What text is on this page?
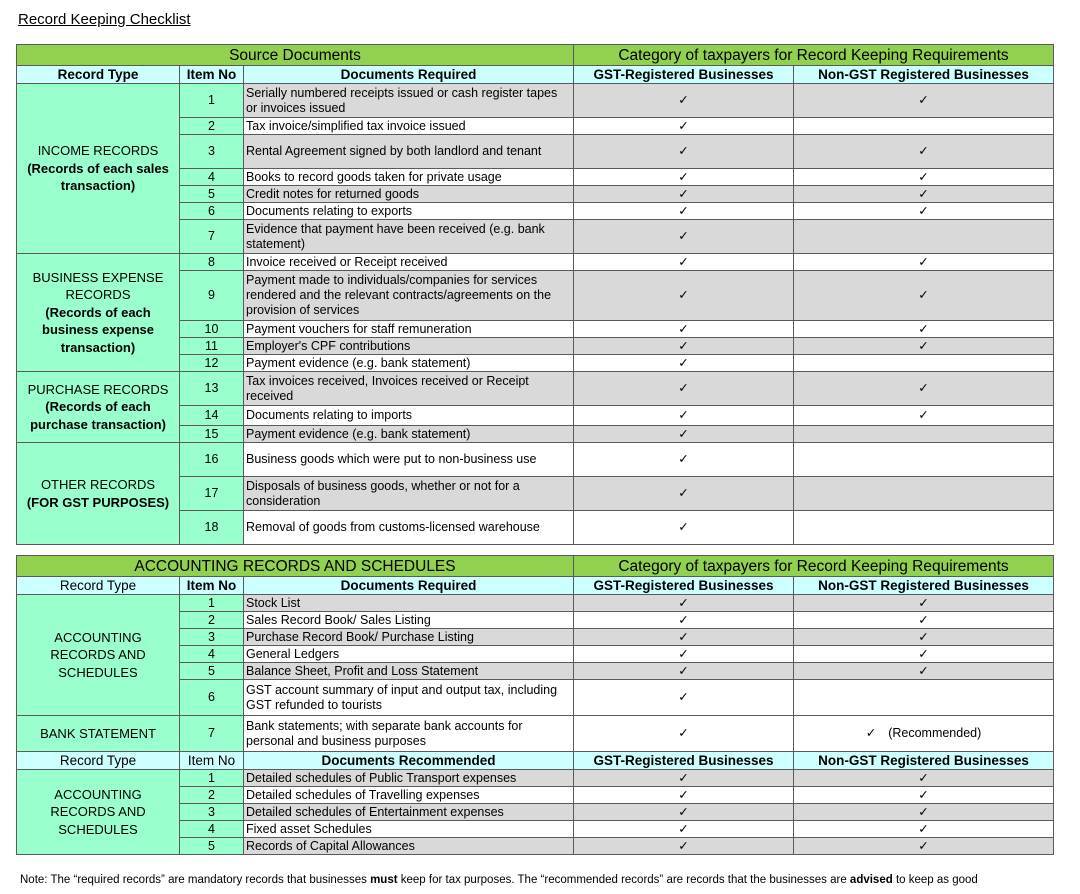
Record Keeping Checklist
Source Documents			Category of taxpayers for Record Keeping Requirements	
Record Type	Item No	Documents Required	GST-Registered Businesses	Non-GST Registered Businesses

INCOME RECORDS
(Records of each sales transaction)	1	Serially numbered receipts issued or cash register tapes or invoices issued	✓	✓
	2	Tax invoice/simplified tax invoice issued	✓	
	3	Rental Agreement signed by both landlord and tenant	✓	✓
	4	Books to record goods taken for private usage	✓	✓
	5	Credit notes for returned goods	✓	✓
	6	Documents relating to exports	✓	✓
	7	Evidence that payment have been received (e.g. bank statement)	✓	

BUSINESS EXPENSE RECORDS
(Records of each business expense transaction)	8	Invoice received or Receipt received	✓	✓
	9	Payment made to individuals/companies for services rendered and the relevant contracts/agreements on the provision of services	✓	✓
	10	Payment vouchers for staff remuneration	✓	✓
	11	Employer's CPF contributions	✓	✓
	12	Payment evidence (e.g. bank statement)	✓	

PURCHASE RECORDS
(Records of each purchase transaction)	13	Tax invoices received, Invoices received or Receipt received	✓	✓
	14	Documents relating to imports	✓	✓
	15	Payment evidence (e.g. bank statement)	✓	

OTHER RECORDS
(FOR GST PURPOSES)	16	Business goods which were put to non-business use	✓	
	17	Disposals of business goods, whether or not for a consideration	✓	
	18	Removal of goods from customs-licensed warehouse	✓	
ACCOUNTING RECORDS AND SCHEDULES			Category of taxpayers for Record Keeping Requirements	
Record Type	Item No	Documents Required	GST-Registered Businesses	Non-GST Registered Businesses

ACCOUNTING RECORDS AND SCHEDULES	1	Stock List	✓	✓
	2	Sales Record Book/ Sales Listing	✓	✓
	3	Purchase Record Book/ Purchase Listing	✓	✓
	4	General Ledgers	✓	✓
	5	Balance Sheet, Profit and Loss Statement	✓	✓
	6	GST account summary of input and output tax, including GST refunded to tourists	✓	
BANK STATEMENT	7	Bank statements; with separate bank accounts for personal and business purposes	✓	✓ (Recommended)
Record Type	Item No	Documents Recommended	GST-Registered Businesses	Non-GST Registered Businesses

ACCOUNTING RECORDS AND SCHEDULES	1	Detailed schedules of Public Transport expenses	✓	✓
	2	Detailed schedules of Travelling expenses	✓	✓
	3	Detailed schedules of Entertainment expenses	✓	✓
	4	Fixed asset Schedules	✓	✓
	5	Records of Capital Allowances	✓	✓
Note: The “required records” are mandatory records that businesses must keep for tax purposes. The “recommended records” are records that the businesses are advised to keep as good
